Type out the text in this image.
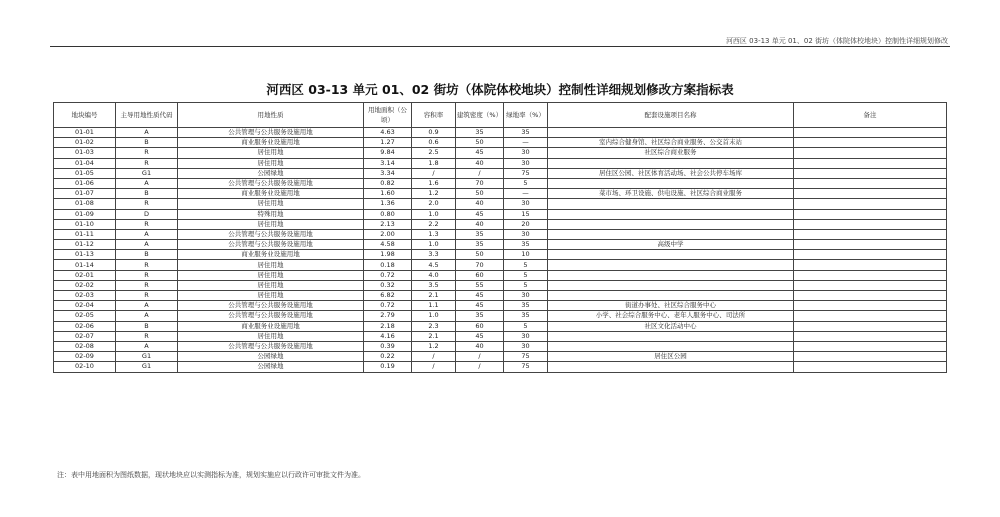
河西区 03-13 单元 01、02 街坊（体院体校地块）控制性详细规划修改
河西区 03-13 单元 01、02 街坊（体院体校地块）控制性详细规划修改方案指标表
地块编号	主导用地性质代码	用地性质	用地面积（公顷）	容积率	建筑密度（%）	绿地率（%）	配套设施项目名称	备注
01-01	A	公共管理与公共服务设施用地	4.63	0.9	35	35		
01-02	B	商业服务业设施用地	1.27	0.6	50	—	室内综合健身馆、社区综合商业服务、公交首末站	
01-03	R	居住用地	9.84	2.5	45	30	社区综合商业服务	
01-04	R	居住用地	3.14	1.8	40	30		
01-05	G1	公园绿地	3.34	/	/	75	居住区公园、社区体育活动场、社会公共停车场库	
01-06	A	公共管理与公共服务设施用地	0.82	1.6	70	5		
01-07	B	商业服务业设施用地	1.60	1.2	50	—	菜市场、环卫设施、供电设施、社区综合商业服务	
01-08	R	居住用地	1.36	2.0	40	30		
01-09	D	特殊用地	0.80	1.0	45	15		
01-10	R	居住用地	2.13	2.2	40	20		
01-11	A	公共管理与公共服务设施用地	2.00	1.3	35	30		
01-12	A	公共管理与公共服务设施用地	4.58	1.0	35	35	高级中学	
01-13	B	商业服务业设施用地	1.98	3.3	50	10		
01-14	R	居住用地	0.18	4.5	70	5		
02-01	R	居住用地	0.72	4.0	60	5		
02-02	R	居住用地	0.32	3.5	55	5		
02-03	R	居住用地	6.82	2.1	45	30		
02-04	A	公共管理与公共服务设施用地	0.72	1.1	45	35	街道办事处、社区综合服务中心	
02-05	A	公共管理与公共服务设施用地	2.79	1.0	35	35	小学、社会综合服务中心、老年人服务中心、司法所	
02-06	B	商业服务业设施用地	2.18	2.3	60	5	社区文化活动中心	
02-07	R	居住用地	4.16	2.1	45	30		
02-08	A	公共管理与公共服务设施用地	0.39	1.2	40	30		
02-09	G1	公园绿地	0.22	/	/	75	居住区公园	
02-10	G1	公园绿地	0.19	/	/	75		
注：表中用地面积为图纸数据，现状地块应以实测指标为准，规划实施应以行政许可审批文件为准。
